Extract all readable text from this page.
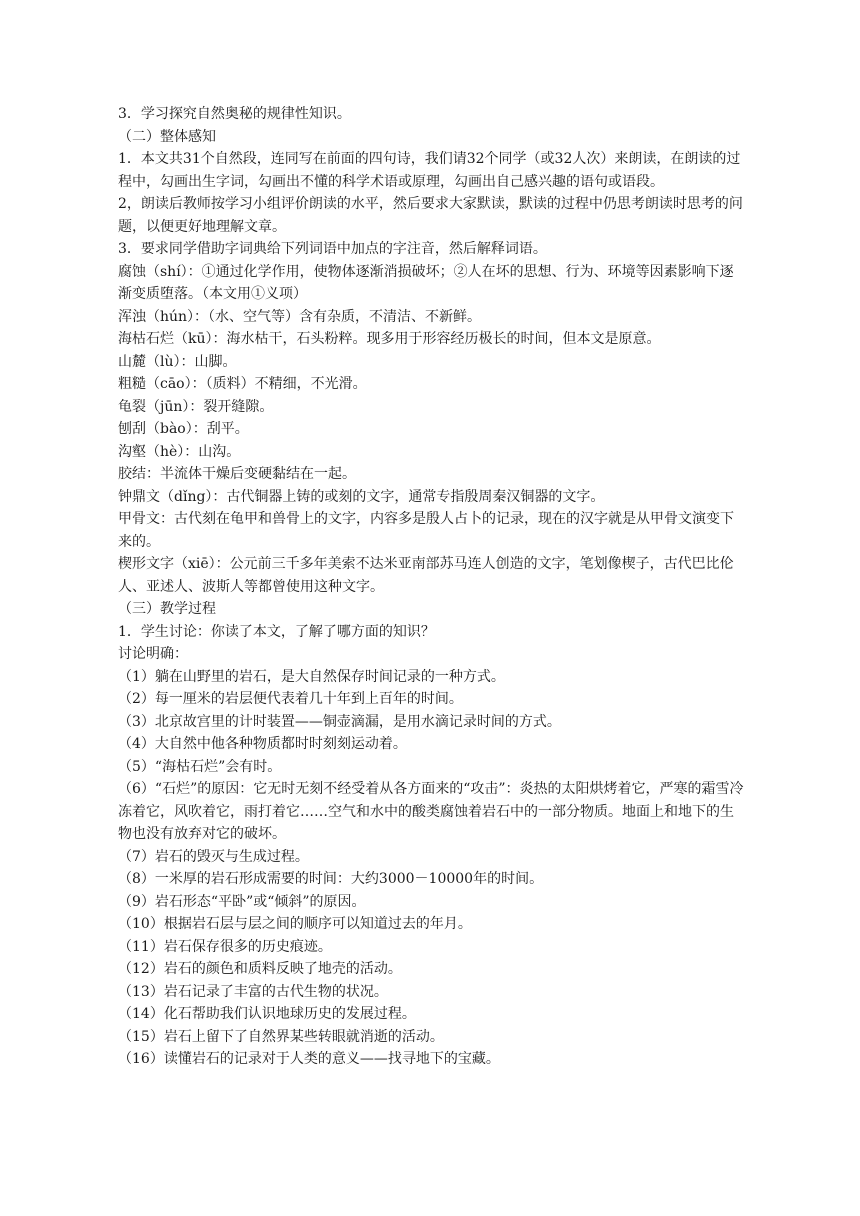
3．学习探究自然奥秘的规律性知识。

（二）整体感知

1．本文共31个自然段，连同写在前面的四句诗，我们请32个同学（或32人次）来朗读，在朗读的过程中，勾画出生字词，勾画出不懂的科学术语或原理，勾画出自己感兴趣的语句或语段。

2，朗读后教师按学习小组评价朗读的水平，然后要求大家默读，默读的过程中仍思考朗读时思考的问题，以便更好地理解文章。

3．要求同学借助字词典给下列词语中加点的字注音，然后解释词语。

腐蚀（shí）：①通过化学作用，使物体逐渐消损破坏；②人在坏的思想、行为、环境等因素影响下逐渐变质堕落。（本文用①义项）

浑浊（hún）：（水、空气等）含有杂质，不清洁、不新鲜。

海枯石烂（kū）：海水枯干，石头粉粹。现多用于形容经历极长的时间，但本文是原意。

山麓（lù）：山脚。

粗糙（cāo）：（质料）不精细，不光滑。

龟裂（jūn）：裂开缝隙。

刨刮（bào）：刮平。

沟壑（hè）：山沟。

胶结：半流体干燥后变硬黏结在一起。

钟鼎文（dǐng）：古代铜器上铸的或刻的文字，通常专指殷周秦汉铜器的文字。

甲骨文：古代刻在龟甲和兽骨上的文字，内容多是殷人占卜的记录，现在的汉字就是从甲骨文演变下来的。

楔形文字（xiē）：公元前三千多年美索不达米亚南部苏马连人创造的文字，笔划像楔子，古代巴比伦人、亚述人、波斯人等都曾使用这种文字。

（三）教学过程

1．学生讨论：你读了本文，了解了哪方面的知识？

讨论明确：

（1）躺在山野里的岩石，是大自然保存时间记录的一种方式。

（2）每一厘米的岩层便代表着几十年到上百年的时间。

（3）北京故宫里的计时装置——铜壶滴漏，是用水滴记录时间的方式。

（4）大自然中他各种物质都时时刻刻运动着。

（5）“海枯石烂”会有时。

（6）“石烂”的原因：它无时无刻不经受着从各方面来的“攻击”：炎热的太阳烘烤着它，严寒的霜雪冷冻着它，风吹着它，雨打着它……空气和水中的酸类腐蚀着岩石中的一部分物质。地面上和地下的生物也没有放弃对它的破坏。

（7）岩石的毁灭与生成过程。

（8）一米厚的岩石形成需要的时间：大约3000－10000年的时间。

（9）岩石形态“平卧”或“倾斜”的原因。

（10）根据岩石层与层之间的顺序可以知道过去的年月。

（11）岩石保存很多的历史痕迹。

（12）岩石的颜色和质料反映了地壳的活动。

（13）岩石记录了丰富的古代生物的状况。

（14）化石帮助我们认识地球历史的发展过程。

（15）岩石上留下了自然界某些转眼就消逝的活动。

（16）读懂岩石的记录对于人类的意义——找寻地下的宝藏。
